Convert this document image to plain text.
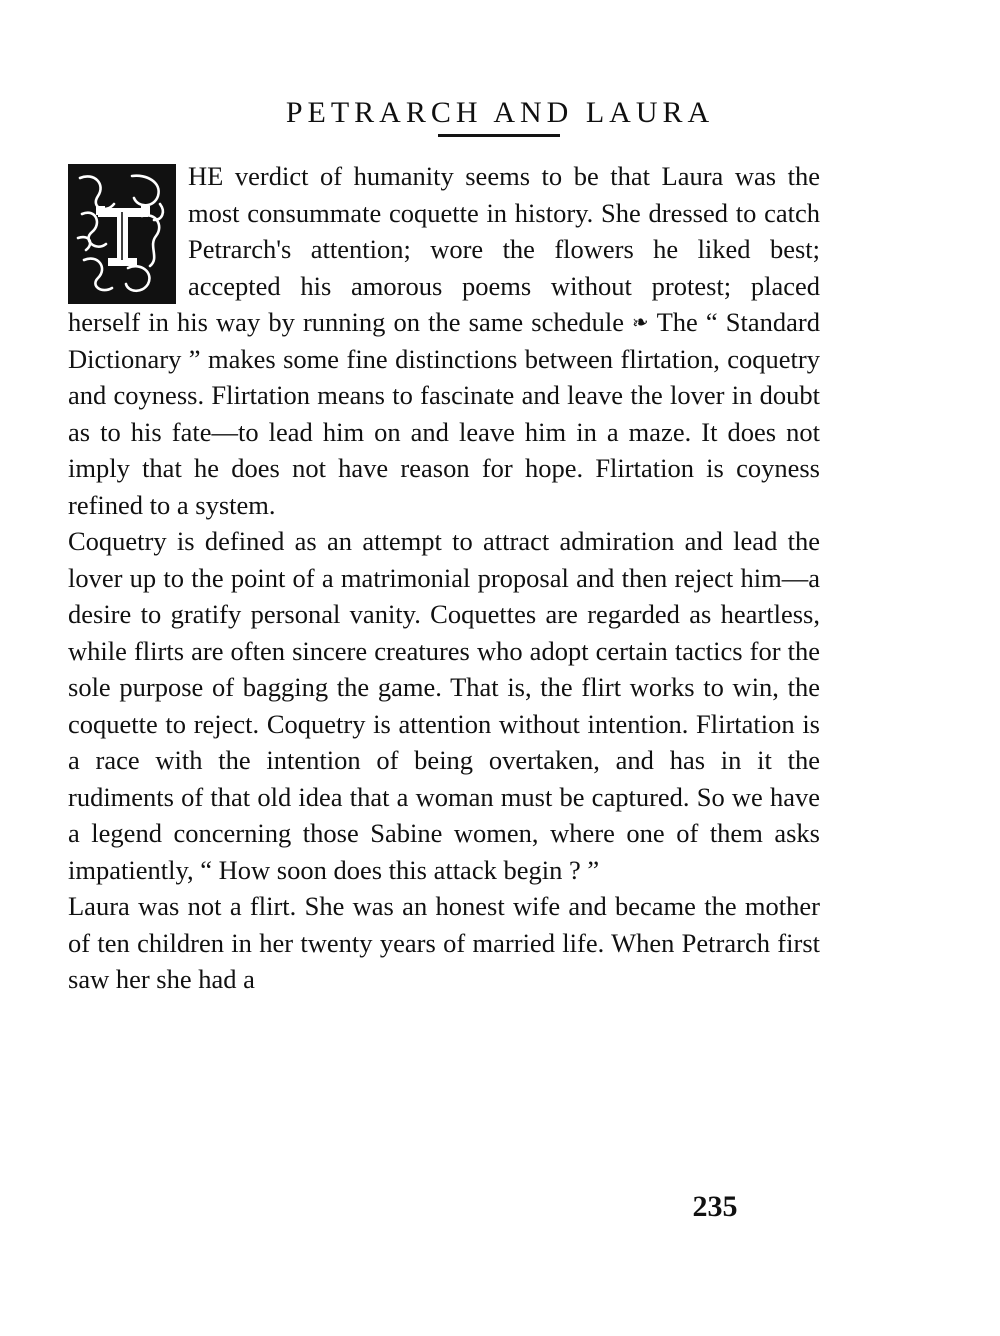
PETRARCH AND LAURA

HE verdict of humanity seems to be that Laura was the most consummate coquette in history. She dressed to catch Petrarch's attention; wore the flowers he liked best; accepted his amorous poems without protest; placed herself in his way by running on the same schedule ❧ The “ Standard Dictionary ” makes some fine distinctions between flirtation, coquetry and coyness. Flirtation means to fascinate and leave the lover in doubt as to his fate—to lead him on and leave him in a maze. It does not imply that he does not have reason for hope. Flirtation is coyness refined to a system.

Coquetry is defined as an attempt to attract admiration and lead the lover up to the point of a matrimonial proposal and then reject him—a desire to gratify personal vanity. Coquettes are regarded as heartless, while flirts are often sincere creatures who adopt certain tactics for the sole purpose of bagging the game. That is, the flirt works to win, the coquette to reject. Coquetry is attention without intention. Flirtation is a race with the intention of being overtaken, and has in it the rudiments of that old idea that a woman must be captured. So we have a legend concerning those Sabine women, where one of them asks impatiently, “ How soon does this attack begin ? ”

Laura was not a flirt. She was an honest wife and became the mother of ten children in her twenty years of married life. When Petrarch first saw her she had a

235
